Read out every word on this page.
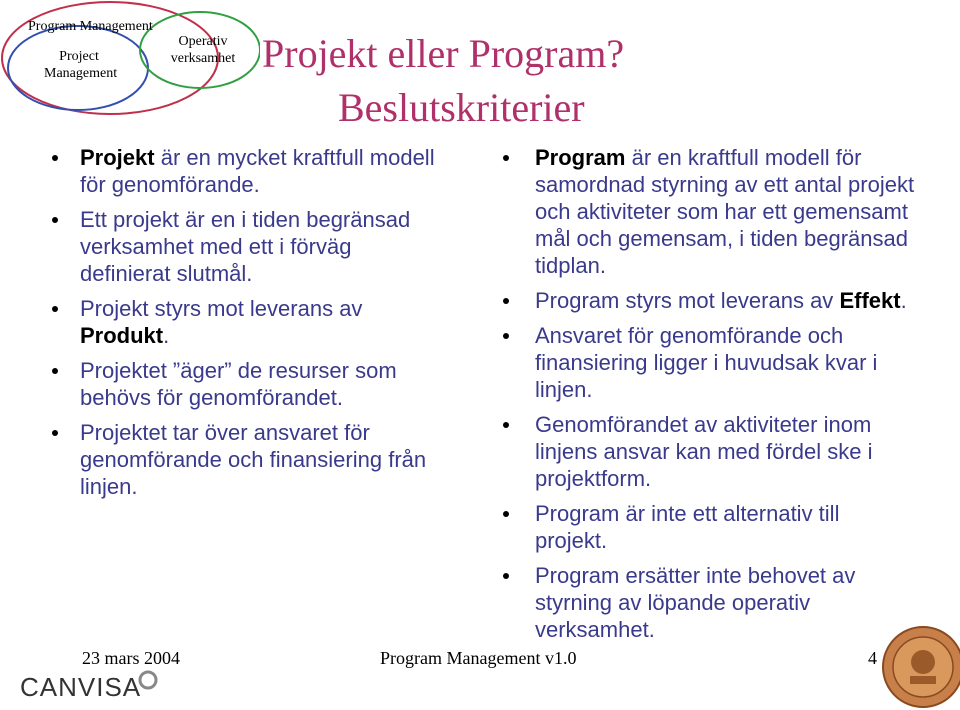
Program Management
Project
Management
Operativ
verksamhet Projekt eller Program?
Beslutskriterier
Projekt är en mycket kraftfull modell för genomförande.
Ett projekt är en i tiden begränsad verksamhet med ett i förväg definierat slutmål.
Projekt styrs mot leverans av Produkt.
Projektet ”äger” de resurser som behövs för genomförandet.
Projektet tar över ansvaret för genomförande och finansiering från linjen.
Program är en kraftfull modell för samordnad styrning av ett antal projekt och aktiviteter som har ett gemensamt mål och gemensam, i tiden begränsad tidplan.
Program styrs mot leverans av Effekt.
Ansvaret för genomförande och finansiering ligger i huvudsak kvar i linjen.
Genomförandet av aktiviteter inom linjens ansvar kan med fördel ske i projektform.
Program är inte ett alternativ till projekt.
Program ersätter inte behovet av styrning av löpande operativ verksamhet.
23 mars 2004	Program Management v1.0	4
CANVISA
